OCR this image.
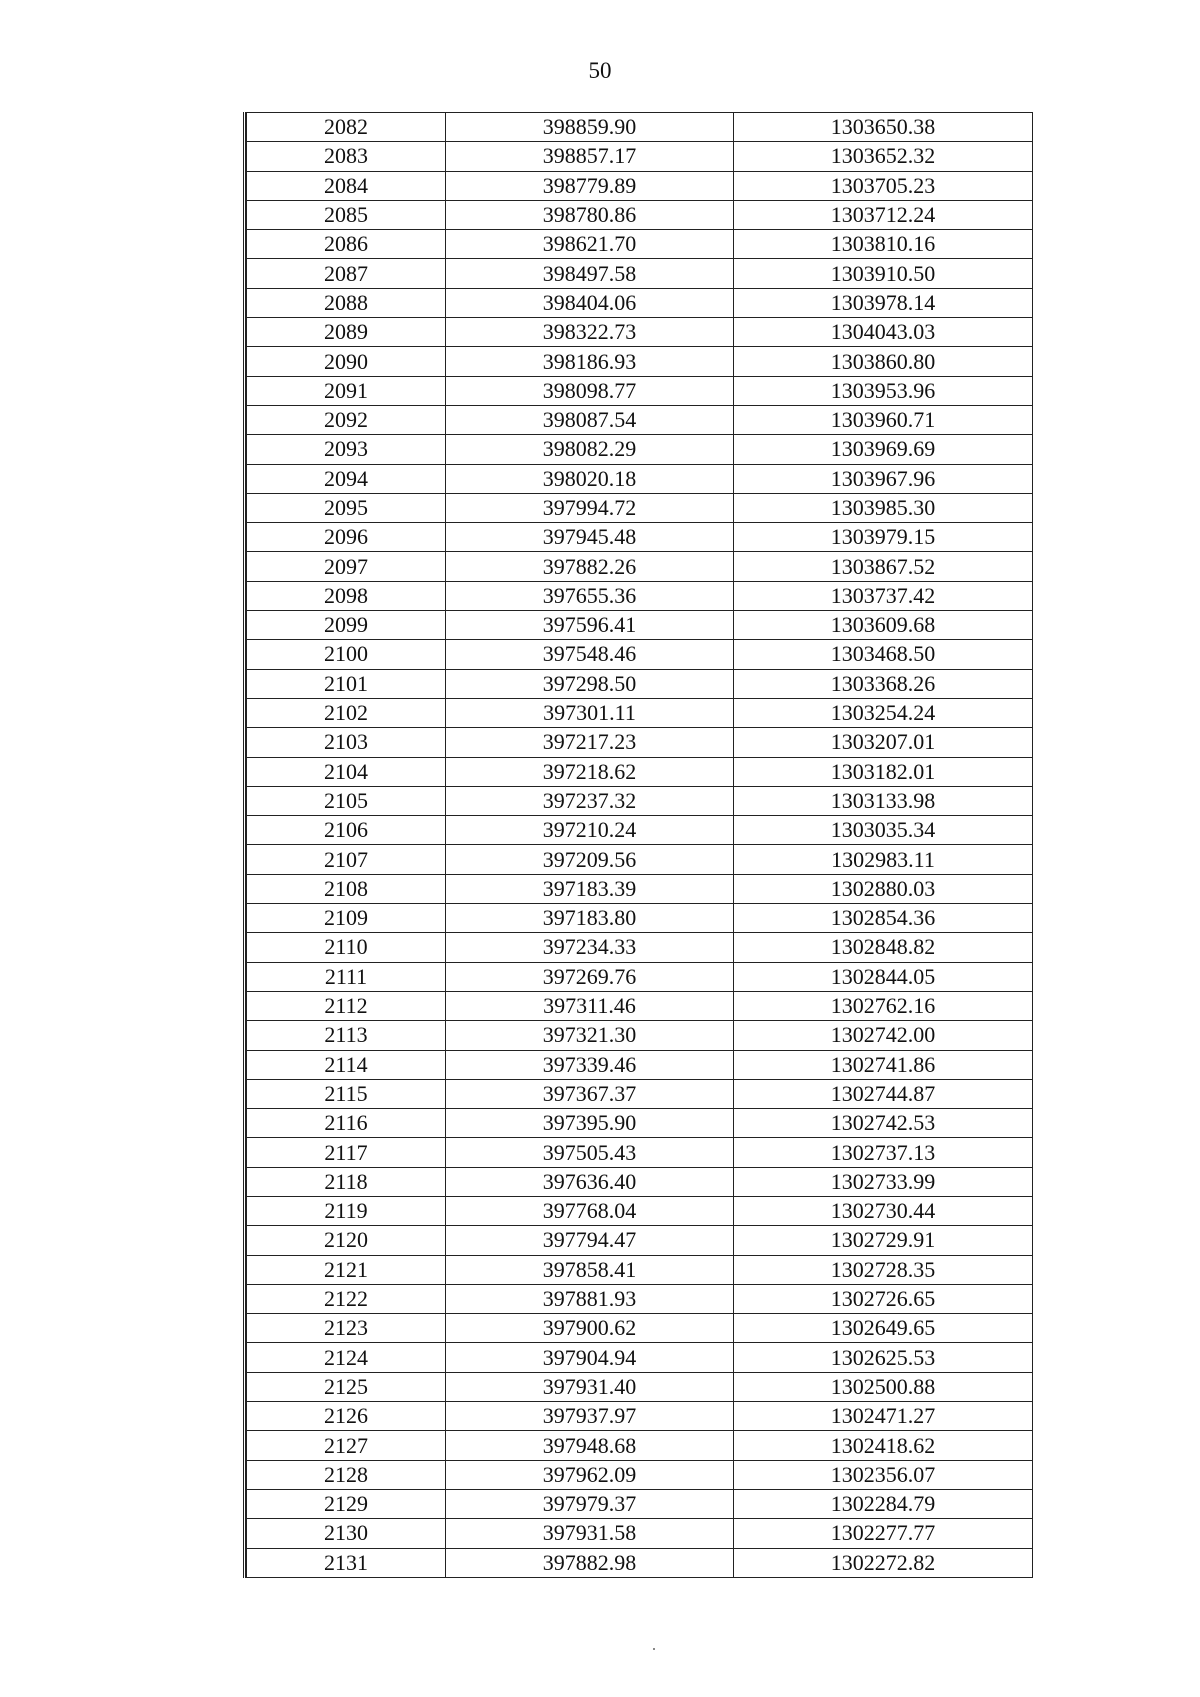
50
2082	398859.90	1303650.38
2083	398857.17	1303652.32
2084	398779.89	1303705.23
2085	398780.86	1303712.24
2086	398621.70	1303810.16
2087	398497.58	1303910.50
2088	398404.06	1303978.14
2089	398322.73	1304043.03
2090	398186.93	1303860.80
2091	398098.77	1303953.96
2092	398087.54	1303960.71
2093	398082.29	1303969.69
2094	398020.18	1303967.96
2095	397994.72	1303985.30
2096	397945.48	1303979.15
2097	397882.26	1303867.52
2098	397655.36	1303737.42
2099	397596.41	1303609.68
2100	397548.46	1303468.50
2101	397298.50	1303368.26
2102	397301.11	1303254.24
2103	397217.23	1303207.01
2104	397218.62	1303182.01
2105	397237.32	1303133.98
2106	397210.24	1303035.34
2107	397209.56	1302983.11
2108	397183.39	1302880.03
2109	397183.80	1302854.36
2110	397234.33	1302848.82
2111	397269.76	1302844.05
2112	397311.46	1302762.16
2113	397321.30	1302742.00
2114	397339.46	1302741.86
2115	397367.37	1302744.87
2116	397395.90	1302742.53
2117	397505.43	1302737.13
2118	397636.40	1302733.99
2119	397768.04	1302730.44
2120	397794.47	1302729.91
2121	397858.41	1302728.35
2122	397881.93	1302726.65
2123	397900.62	1302649.65
2124	397904.94	1302625.53
2125	397931.40	1302500.88
2126	397937.97	1302471.27
2127	397948.68	1302418.62
2128	397962.09	1302356.07
2129	397979.37	1302284.79
2130	397931.58	1302277.77
2131	397882.98	1302272.82
